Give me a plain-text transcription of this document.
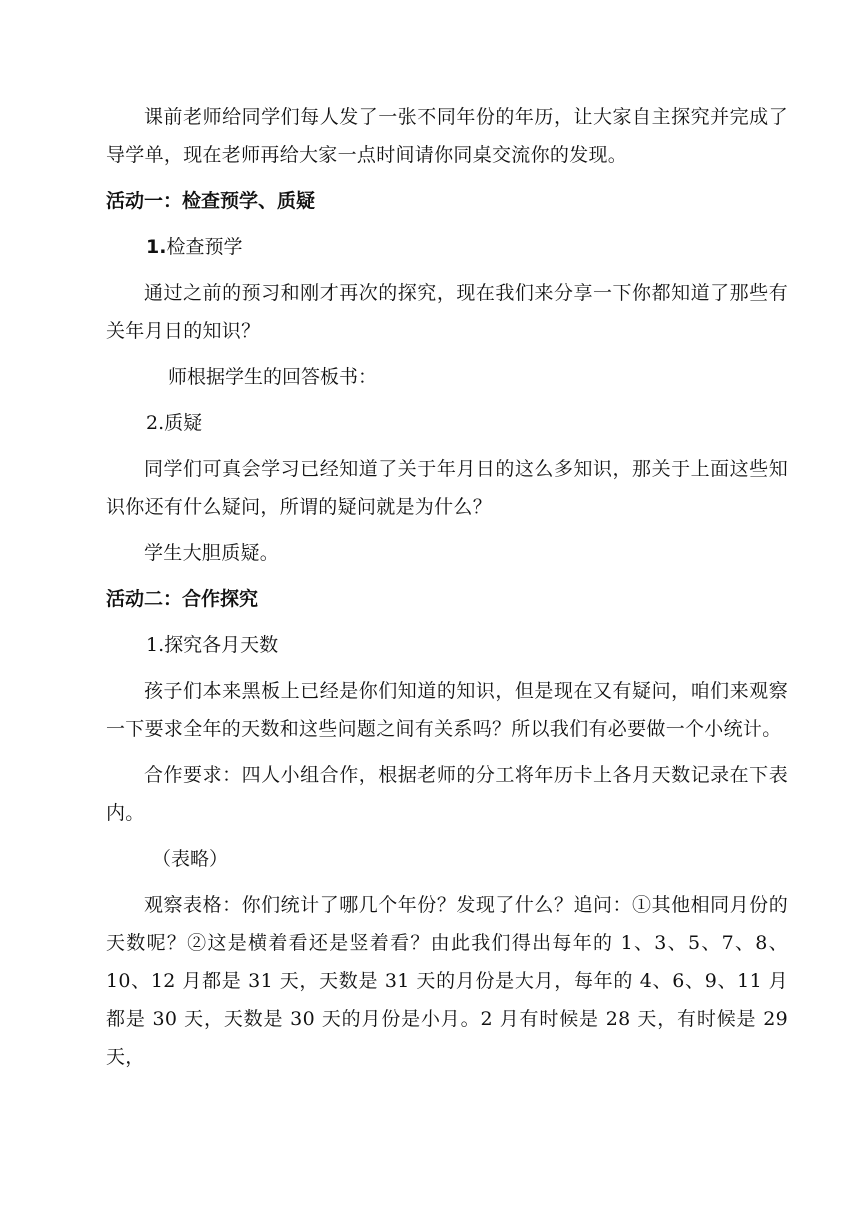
课前老师给同学们每人发了一张不同年份的年历，让大家自主探究并完成了导学单，现在老师再给大家一点时间请你同桌交流你的发现。

活动一：检查预学、质疑
1.检查预学

通过之前的预习和刚才再次的探究，现在我们来分享一下你都知道了那些有关年月日的知识？

师根据学生的回答板书：
2.质疑

同学们可真会学习已经知道了关于年月日的这么多知识，那关于上面这些知识你还有什么疑问，所谓的疑问就是为什么？

学生大胆质疑。

活动二：合作探究
1.探究各月天数

孩子们本来黑板上已经是你们知道的知识，但是现在又有疑问，咱们来观察一下要求全年的天数和这些问题之间有关系吗？所以我们有必要做一个小统计。

合作要求：四人小组合作，根据老师的分工将年历卡上各月天数记录在下表内。

（表略）

观察表格：你们统计了哪几个年份？发现了什么？追问：①其他相同月份的天数呢？②这是横着看还是竖着看？由此我们得出每年的 1、3、5、7、8、10、12 月都是 31 天，天数是 31 天的月份是大月，每年的 4、6、9、11 月都是 30 天，天数是 30 天的月份是小月。2 月有时候是 28 天，有时候是 29 天，
